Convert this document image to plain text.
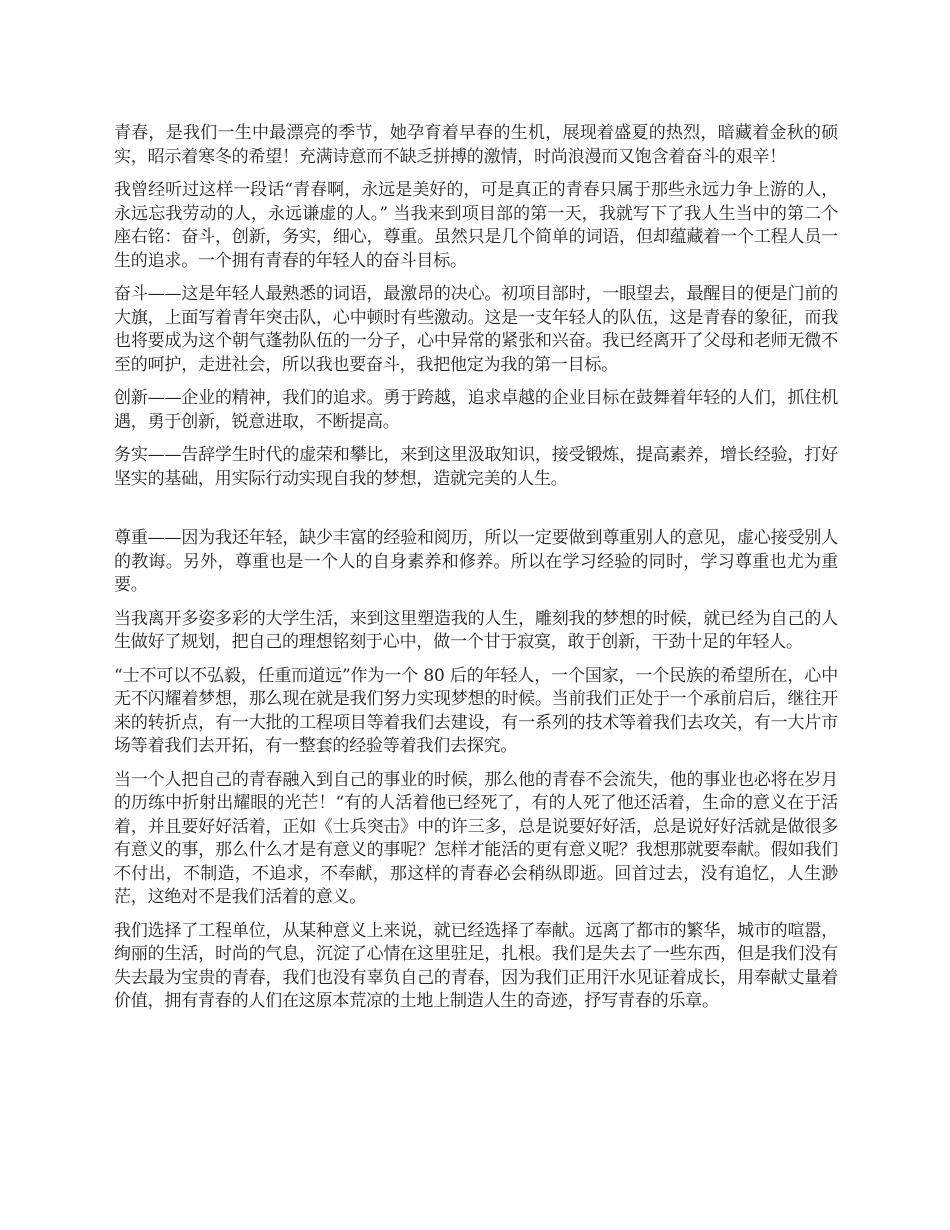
青春，是我们一生中最漂亮的季节，她孕育着早春的生机，展现着盛夏的热烈，暗藏着金秋的硕实，昭示着寒冬的希望！充满诗意而不缺乏拼搏的激情，时尚浪漫而又饱含着奋斗的艰辛！

我曾经听过这样一段话“青春啊，永远是美好的，可是真正的青春只属于那些永远力争上游的人，永远忘我劳动的人，永远谦虚的人。” 当我来到项目部的第一天，我就写下了我人生当中的第二个座右铭：奋斗，创新，务实，细心，尊重。虽然只是几个简单的词语，但却蕴藏着一个工程人员一生的追求。一个拥有青春的年轻人的奋斗目标。

奋斗——这是年轻人最熟悉的词语，最激昂的决心。初项目部时，一眼望去，最醒目的便是门前的大旗，上面写着青年突击队，心中顿时有些激动。这是一支年轻人的队伍，这是青春的象征，而我也将要成为这个朝气蓬勃队伍的一分子，心中异常的紧张和兴奋。我已经离开了父母和老师无微不至的呵护，走进社会，所以我也要奋斗，我把他定为我的第一目标。

创新——企业的精神，我们的追求。勇于跨越，追求卓越的企业目标在鼓舞着年轻的人们，抓住机遇，勇于创新，锐意进取，不断提高。

务实——告辞学生时代的虚荣和攀比，来到这里汲取知识，接受锻炼，提高素养，增长经验，打好坚实的基础，用实际行动实现自我的梦想，造就完美的人生。

尊重——因为我还年轻，缺少丰富的经验和阅历，所以一定要做到尊重别人的意见，虚心接受别人的教诲。另外，尊重也是一个人的自身素养和修养。所以在学习经验的同时，学习尊重也尤为重要。

当我离开多姿多彩的大学生活，来到这里塑造我的人生，雕刻我的梦想的时候，就已经为自己的人生做好了规划，把自己的理想铭刻于心中，做一个甘于寂寞，敢于创新，干劲十足的年轻人。

“士不可以不弘毅，任重而道远”作为一个 80 后的年轻人，一个国家，一个民族的希望所在，心中无不闪耀着梦想，那么现在就是我们努力实现梦想的时候。当前我们正处于一个承前启后，继往开来的转折点，有一大批的工程项目等着我们去建设，有一系列的技术等着我们去攻关，有一大片市场等着我们去开拓，有一整套的经验等着我们去探究。

当一个人把自己的青春融入到自己的事业的时候，那么他的青春不会流失，他的事业也必将在岁月的历练中折射出耀眼的光芒！“有的人活着他已经死了，有的人死了他还活着，生命的意义在于活着，并且要好好活着，正如《士兵突击》中的许三多，总是说要好好活，总是说好好活就是做很多有意义的事，那么什么才是有意义的事呢？怎样才能活的更有意义呢？我想那就要奉献。假如我们不付出，不制造，不追求，不奉献，那这样的青春必会稍纵即逝。回首过去，没有追忆，人生渺茫，这绝对不是我们活着的意义。

我们选择了工程单位，从某种意义上来说，就已经选择了奉献。远离了都市的繁华，城市的喧嚣，绚丽的生活，时尚的气息，沉淀了心情在这里驻足，扎根。我们是失去了一些东西，但是我们没有失去最为宝贵的青春，我们也没有辜负自己的青春，因为我们正用汗水见证着成长，用奉献丈量着价值，拥有青春的人们在这原本荒凉的土地上制造人生的奇迹，抒写青春的乐章。
